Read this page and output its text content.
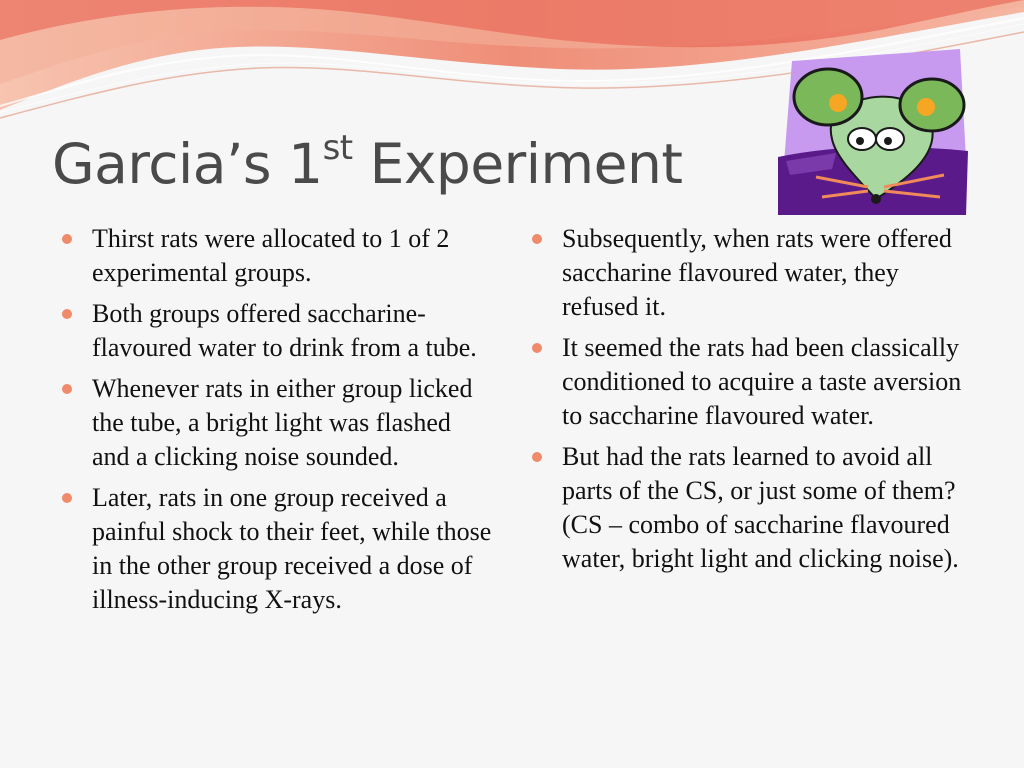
Garcia’s 1st Experiment
Thirst rats were allocated to 1 of 2 experimental groups.
Both groups offered saccharine-flavoured water to drink from a tube.
Whenever rats in either group licked the tube, a bright light was flashed and a clicking noise sounded.
Later, rats in one group received a painful shock to their feet, while those in the other group received a dose of illness-inducing X-rays.
Subsequently, when rats were offered saccharine flavoured water, they refused it.
It seemed the rats had been classically conditioned to acquire a taste aversion to saccharine flavoured water.
But had the rats learned to avoid all parts of the CS, or just some of them? (CS – combo of saccharine flavoured water, bright light and clicking noise).
